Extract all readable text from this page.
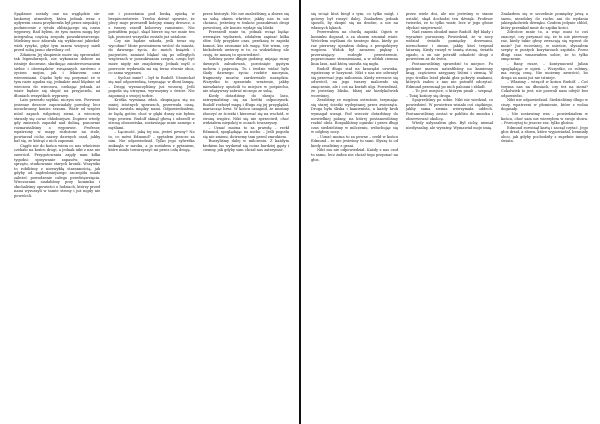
Spędzone zostały one na węględzie sie-lankowej atmosfery, która jednak wraz z upływem czasu przybierała był przez niepokój i podniecenie z tytułu zbliżającego się czasu wyprawy. Rad bylem, że tym razem mogę być integralną częścią zespołu poszukiwawczego. Mieliśmy moc zdawała się wykluczać jakiekol-wiek ryzyko, gdyż tym razem wszyscy mieli przed sobą jasno określony cel.

Zdaniem Jej skupienie może się sprowadzić tak legendarnych, nie wykonane dobrze na istnieje doczesne, skutkując zainteresowaniem siebie i obowiązków związanych zarówno z życiem mojim, jak i lekarzem oraz wierzeniami. Cięzko było się przyznać że w tym razie zgadza się, jednakże miał błędnie od wieczora do wieczora, czekając jednak, aż wiatr będzie się słupić na przyjacielu, na dłoniach wszystkich wyprawy.

Lato przeszło szybko, niczym sen. Pierwsze jesienne deszcze zapowiadały powolny, lecz nieuchronny koniec sezonu. Wiatr od wzgórz niósł zapach wilgotnej ziemi, a wieczory stawały się coraz chłodniejsze. Dopiero wtedy, gdy zmierzch zapadał nad doliną, ponownie rozmawialiśmy o wyprawie. Profesor, wpatrzony w mapy rozłożone na stole, powtarzał cicho nazwy dawnych osad, jakby bał się, że którąś z nich zapomni.

Ciągle nie do końca wiem co nas właściwie czekało na końcu drogi, a jednak nikt z nas nie zawrócił. Przygotowania zajęły nam kilka tygodni: spisywanie zapasów, naprawa sprzętu, studiowanie starych kronik. Wszystko to robiliśmy z niezwykłą starannością, jak gdyby od najdrobniejszego szczegółu miało zależeć powodzenie całego przedsięwzięcia. Wieczorami siadaliśmy przy kominku i słuchaliśmy opowieści o ludziach, którzy przed nami wyruszyli w tamte strony i już nigdy nie powrócili.

nie i pozostania pod boską opieką w bezpieczeństwie. Trzeba dziwić sprawie, że plecy moje przeszedł kolejny zimny dreszcz, a z twarzy zszedł kolorowy rumieniec. Nie potrafiłem pojąć, skąd bierze się we mnie ten lęk, przecież wszystko zostało już ustalone.

Czy nie będzie szkoda, jeśli teraz się wycofam? Może powinienem wrócić do miasta, do dawnego życia, do moich książek i pacjentów, zamiast błąkać się po odległych wzgórzach w poszukiwaniu czegoś, czego być może nigdy nie znajdziemy. Jednak myśl o powrocie wydawała mi się teraz równie obca, co sama wyprawa.

– Sychać mnie? – był to Rudolf. Uśmiechał się nad odpowiedzią, trzymając w dłoni lampę. – Drogę wyznaczyliśmy już wczoraj. Jeśli pogoda się utrzyma, wyruszymy o świcie. Nie zapomnij o swojej torbie.

Krótka wymiana zdań, skupiająca się na mniej istotnych sprawach, przerwała ciszę, która zawisła między nami. Odpowiedziałem, że będę gotów, choć w głębi duszy nie byłem tego pewien. Rudolf skinął głową i odszedł w stronę obozowiska, zostawiając mnie samego z myślami.

– Łączność, jaką tej ma, jesteś pewny? Na to, co mówi Edmund? – spytałem jeszcze za nim. Nie odpowiedział. Tylko jego sylwetka zniknęła w mroku, a ja zostałem z pytaniem, które miało towarzyszyć mi przez całą drogę.

przez historyk. Nic nie znaleźliśmy, a zbiera się na sobą okiem wkrótce, jakby nas tu nie chciano, jesteśmy w trakcie poszukiwań drogi powrotnej, ale koniec wydaje się bliski.

Przeszedł mnie tu, jednak wciąż będąc wewnątrz wydarzeń, zdołałem zapisać kilka słów. Gdy przyjdzie czas, przekażę te zapiski komuś, kto zrozumie ich wagę. Nie wiem, czy ktokolwiek uwierzy w to, co widzieliśmy, ale czuję, że muszę to opowiedzieć.

Szliśmy przez długie godziny, mijając ruiny dawnych zabudowań, porośnięte gęstym mchem i paprocią. Tu i ówdzie widać było ślady dawnego życia: rozbite naczynia, fragmenty murów, zardzewiałe narzędzia. Wszystko to sprawiało wrażenie, jakby mieszkańcy opuścili to miejsce w pośpiechu, nie zdążywszy zabrać niczego ze sobą.

Kiedy dotarliśmy do skraju lasu, zatrzymaliśmy się na krótki odpoczynek. Rudolf rozłożył mapę i długo się jej przyglądał, marszcząc brwi. W końcu oznajmił, że musimy zboczyć ze ścieżki i kierować się na wschód, w stronę wzgórz. Nikt się nie sprzeciwił, choć widziałem niepokój w oczach towarzyszy.

– Uznać można to za prawdę – rzekł Edmund, spoglądając na niebo. – Jeśli pogoda się nie zmieni, dotrzemy tam przed zmrokiem.

Ruszyliśmy dalej w milczeniu. Z każdym krokiem las wydawał się coraz bardziej gęsty i ciemny, jak gdyby sam chciał nas zatrzymać.

się wciąż ktoś biegł z tym, co tylko mógł, i gotowy był ruszyć dalej. Znalazłem jednak sposób, by skupić się na drodze, a nie na własnych lękach.

Przerwałem na chwilę zapiski. Ogień w kominku dogasał, a za oknem szumiał wiatr. Wróciłem myślami do tamtego dnia, kiedy po raz pierwszy ujrzałem dolinę z perspektywy wzgórza. Widok był zarazem piękny i przerażający: rozległe przestrzenie, poprzecinane strumieniami, a w oddali ciemna linia lasu, nad którą unosiła się mgła.

Rudolf długo stał na krawędzi urwiska, wpatrzony w horyzont. Nikt z nas nie odważył się przerwać jego milczenia. Kiedy wreszcie się odwrócił, na jego twarzy malowało się zmęczenie, ale i coś na kształt ulgi. Powiedział, że jesteśmy blisko, bliżej niż kiedykolwiek wcześniej.

Zeszliśmy ze wzgórza ostrożnie, trzymając się starej ścieżki wydeptanej przez zwierzęta. Droga była śliska i kamienista, a każdy krok wymagał uwagi. Pod wieczór dotarliśmy do niewielkiej polany, na której postanowiliśmy rozbić obóz. Rozpaliliśmy ognisko i przez długi czas siedzieliśmy w milczeniu, wsłuchując się w odgłosy nocy.

– Uznać można to za pewne – rzekł w końcu Edmund – że nie jesteśmy tu sami. Słyszę to od kiedy zeszliśmy z grani.

Nikt mu nie odpowiedział. Każdy z nas czuł to samo, lecz żaden nie chciał tego przyznać na głos.

przez wiele dni, ale nie jesteśmy w stanie ustalić, skąd dochodzi ten dźwięk. Profesor twierdzi, że to tylko wiatr, lecz w jego głosie słychać niepewność.

Nad ranem obudził mnie Rudolf. Był blady i wyraźnie poruszony. Powiedział, że w nocy widział światło pomiędzy drzewami, nieruchome i zimne, jakby ktoś trzymał latarnię. Kiedy ruszył w tamtą stronę, światło zgasło, a on nie potrafił odnaleźć drogi z powrotem aż do świtu.

Postanowiliśmy sprawdzić to miejsce. Po godzinie marszu natrafiliśmy na kamienny krąg, częściowo zasypany liśćmi i ziemią. W jego środku leżał płaski głaz pokryty znakami, których żaden z nas nie potrafił odczytać. Edmund przesunął po nich palcami i zbladł.

– To jest miejsce, o którym pisali – szepnął. – Tutaj kończy się droga.

Spojrzeliśmy po sobie. Nikt nie wiedział, co powiedzieć. W powietrzu wisiało coś ciężkiego, jakby sama ziemia wstrzymała oddech. Postanowiliśmy zostać w pobliżu do zmroku i obserwować okolicę.

Wtedy usłyszałem głos. Był cichy, niemal niesłyszalny, ale wyraźny. Wymawiał moje imię.

Znalazłem się w szczelinie pomiędzy jawą a snem, niezdolny do ruchu ani do wydania jakiegokolwiek dźwięku. Czułem jedynie chłód, który przenikał mnie do szpiku kości.

Zdroście mnie to, a więc musi to coś znaczyć, czy przyznać się, że to nie pierwszy raz, kiedy takie głosy zwracają się wprost do mnie? Już wcześniej, w mieście, słyszałem szepty w pustych korytarzach szpitala. Przez długi czas wmawiałem sobie, że to tylko zmęczenie.

– Rany rusze, – kontynuował Julian spoglądając w ogień. – Wszystko, co robimy, ma swoją cenę. Nie możemy zawrócić, bo droga za nami już nie istnieje.

– Włazimy – wtrącił w końcu Rudolf. – Coś trzyma nas na dłoniach, czy też na ziemi? Cokolwiek to jest, nie pozwoli nam odejść bez odpowiedzi.

Nikt nie odpowiedział. Siedzieliśmy długo w ciszy, wpatrzeni w płomienie, które z wolna dogasały.

– Nie zostawimy was – powiedziałem w końcu, choć sam nie wierzyłem w swoje słowa. – Przeczytaj to jeszcze raz, tylko głośno.

Edmund rozwinął kartę i zaczął czytać. Jego głos drżał, a słowa, które wypowiadał, brzmiały obco, jak gdyby pochodziły z zupełnie innego świata.
